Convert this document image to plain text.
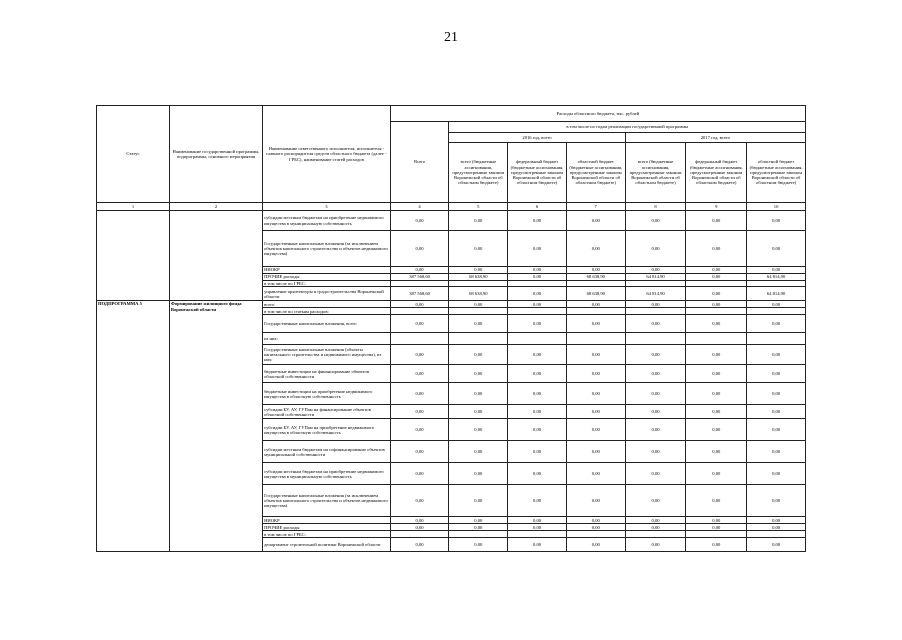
21
Статус	Наименование государственной программы, подпрограммы, основного мероприятия	Наименование ответственного исполнителя, исполнителя - главного распорядителя средств областного бюджета (далее - ГРБС), наименование статей расходов	Расходы областного бюджета, тыс. рублей						
			Всего	в том числе по годам реализации государственной программы					
				2016 год, всего			2017 год, всего		
				всего (бюджетные ассигнования, предусмотренные законом Воронежской области об областном бюджете)	федеральный бюджет (бюджетные ассигнования, предусмотренные законом Воронежской области об областном бюджете)	областной бюджет (бюджетные ассигнования, предусмотренные законом Воронежской области об областном бюджете)	всего (бюджетные ассигнования, предусмотренные законом Воронежской области об областном бюджете)	федеральный бюджет (бюджетные ассигнования, предусмотренные законом Воронежской области об областном бюджете)	областной бюджет (бюджетные ассигнования, предусмотренные законом Воронежской области об областном бюджете)
1	2	3	4	5	6	7	8	9	10
		субсидии местным бюджетам на приобретение недвижимого имущества в муниципальную собственность	0,00	0,00	0,00	0,00	0,00	0,00	0,00
		Государственные капитальные вложения (за исключением объектов капитального строительства и объектов недвижимого имущества)	0,00	0,00	0,00	0,00	0,00	0,00	0,00
		НИОКР	0,00	0,00	0,00	0,00	0,00	0,00	0,00
		ПРОЧИЕ расходы	387 568,60	68 638,90	0,00	68 638,90	64 814,90	0,00	64 814,90
		в том числе по ГРБС:							
		управление архитектуры и градостроительства Воронежской области	387 568,60	68 638,90	0,00	68 638,90	64 814,90	0,00	64 814,90
ПОДПРОГРАММА 5	Формирование жилищного фонда Воронежской области	всего	0,00	0,00	0,00	0,00	0,00	0,00	0,00
		в том числе по статьям расходов:							
		Государственные капитальные вложения, всего	0,00	0,00	0,00	0,00	0,00	0,00	0,00
		из них:							
		Государственные капитальные вложения (объекты капитального строительства и недвижимого имущества), из них:	0,00	0,00	0,00	0,00	0,00	0,00	0,00
		бюджетные инвестиции на финансирование объектов областной собственности	0,00	0,00	0,00	0,00	0,00	0,00	0,00
		бюджетные инвестиции на приобретение недвижимого имущества в областную собственность	0,00	0,00	0,00	0,00	0,00	0,00	0,00
		субсидии БУ, АУ, ГУПам на финансирование объектов областной собственности	0,00	0,00	0,00	0,00	0,00	0,00	0,00
		субсидии БУ, АУ, ГУПам на приобретение недвижимого имущества в областную собственность	0,00	0,00	0,00	0,00	0,00	0,00	0,00
		субсидии местным бюджетам на софинансирование объектов муниципальной собственности	0,00	0,00	0,00	0,00	0,00	0,00	0,00
		субсидии местным бюджетам на приобретение недвижимого имущества в муниципальную собственность	0,00	0,00	0,00	0,00	0,00	0,00	0,00
		Государственные капитальные вложения (за исключением объектов капитального строительства и объектов недвижимого имущества)	0,00	0,00	0,00	0,00	0,00	0,00	0,00
		НИОКР	0,00	0,00	0,00	0,00	0,00	0,00	0,00
		ПРОЧИЕ расходы	0,00	0,00	0,00	0,00	0,00	0,00	0,00
		в том числе по ГРБС:							
		департамент строительной политики Воронежской области	0,00	0,00	0,00	0,00	0,00	0,00	0,00
